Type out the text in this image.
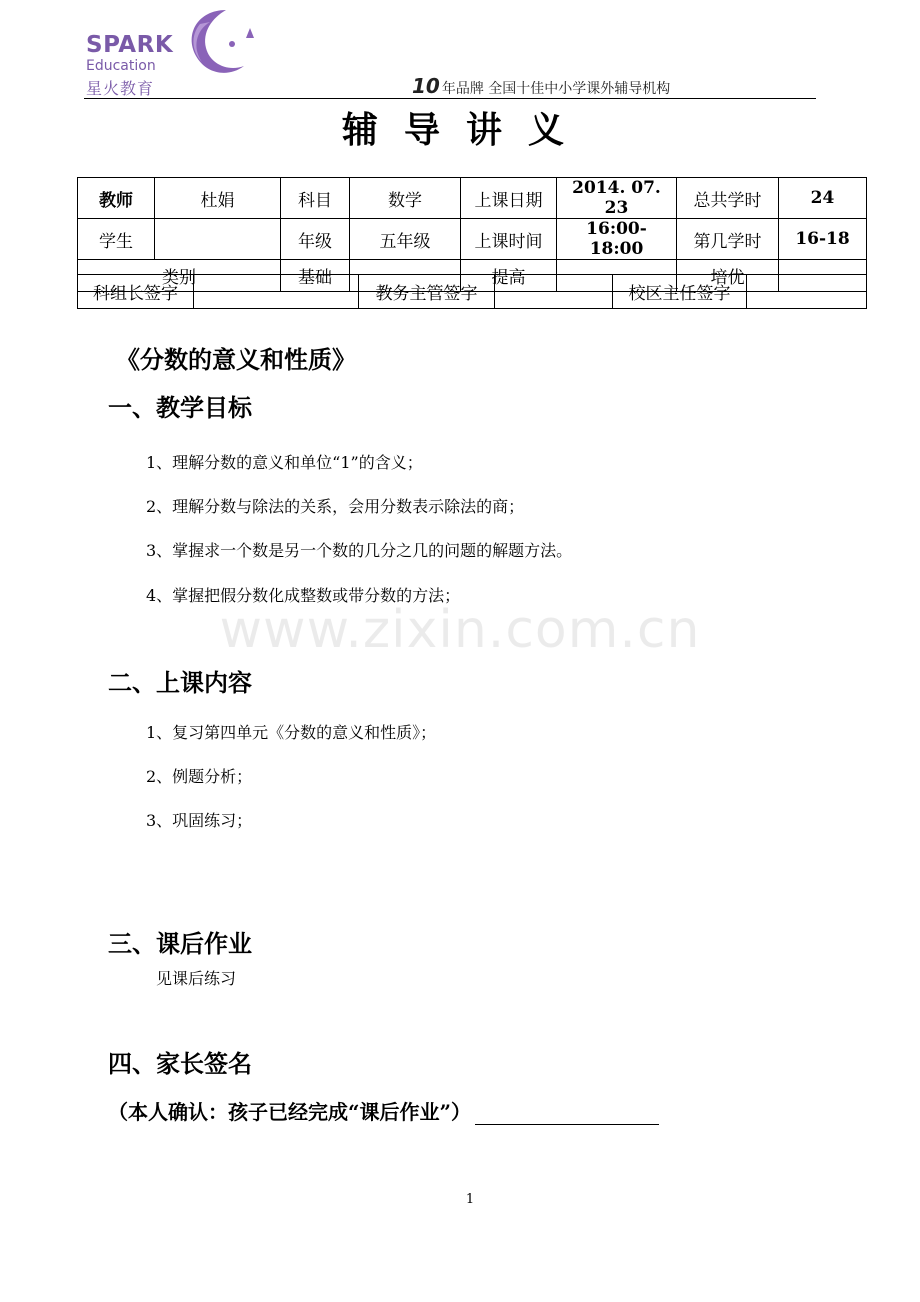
SPARK
Education
星火教育	10 年品牌 全国十佳中小学课外辅导机构
辅导讲义
教师	杜娟	科目	数学	上课日期	2014. 07. 23	总共学时	24
学生		年级	五年级	上课时间	16:00-18:00	第几学时	16-18
类别		基础		提高		培优	
科组长签字		教务主管签字		校区主任签字	
《分数的意义和性质》
一、教学目标
1、理解分数的意义和单位“1”的含义；
2、理解分数与除法的关系，会用分数表示除法的商；
3、掌握求一个数是另一个数的几分之几的问题的解题方法。
4、掌握把假分数化成整数或带分数的方法；
www.zixin.com.cn
二、上课内容
1、复习第四单元《分数的意义和性质》；
2、例题分析；
3、巩固练习；
三、课后作业
见课后练习
四、家长签名
（本人确认：孩子已经完成“课后作业”）
1
